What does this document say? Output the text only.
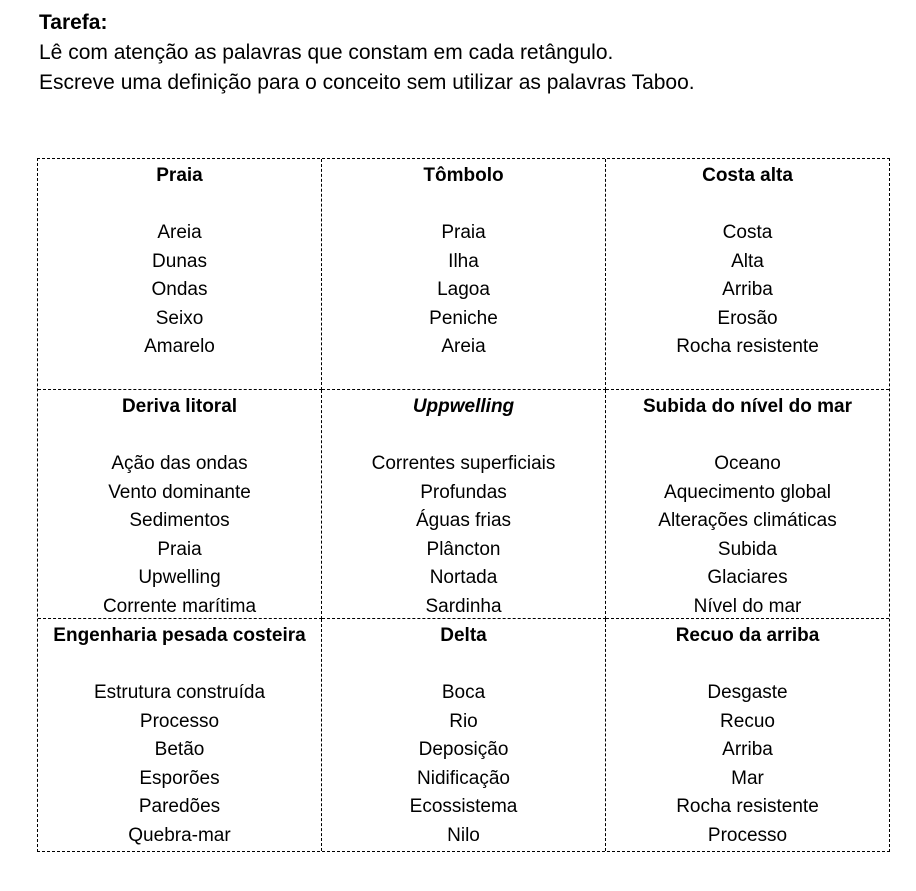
Tarefa:
Lê com atenção as palavras que constam em cada retângulo.
Escreve uma definição para o conceito sem utilizar as palavras Taboo.
Praia
Areia
Dunas
Ondas
Seixo
Amarelo
Tômbolo
Praia
Ilha
Lagoa
Peniche
Areia
Costa alta
Costa
Alta
Arriba
Erosão
Rocha resistente
Deriva litoral
Ação das ondas
Vento dominante
Sedimentos
Praia
Upwelling
Corrente marítima
Uppwelling
Correntes superficiais
Profundas
Águas frias
Plâncton
Nortada
Sardinha
Subida do nível do mar
Oceano
Aquecimento global
Alterações climáticas
Subida
Glaciares
Nível do mar
Engenharia pesada costeira
Estrutura construída
Processo
Betão
Esporões
Paredões
Quebra-mar
Delta
Boca
Rio
Deposição
Nidificação
Ecossistema
Nilo
Recuo da arriba
Desgaste
Recuo
Arriba
Mar
Rocha resistente
Processo
